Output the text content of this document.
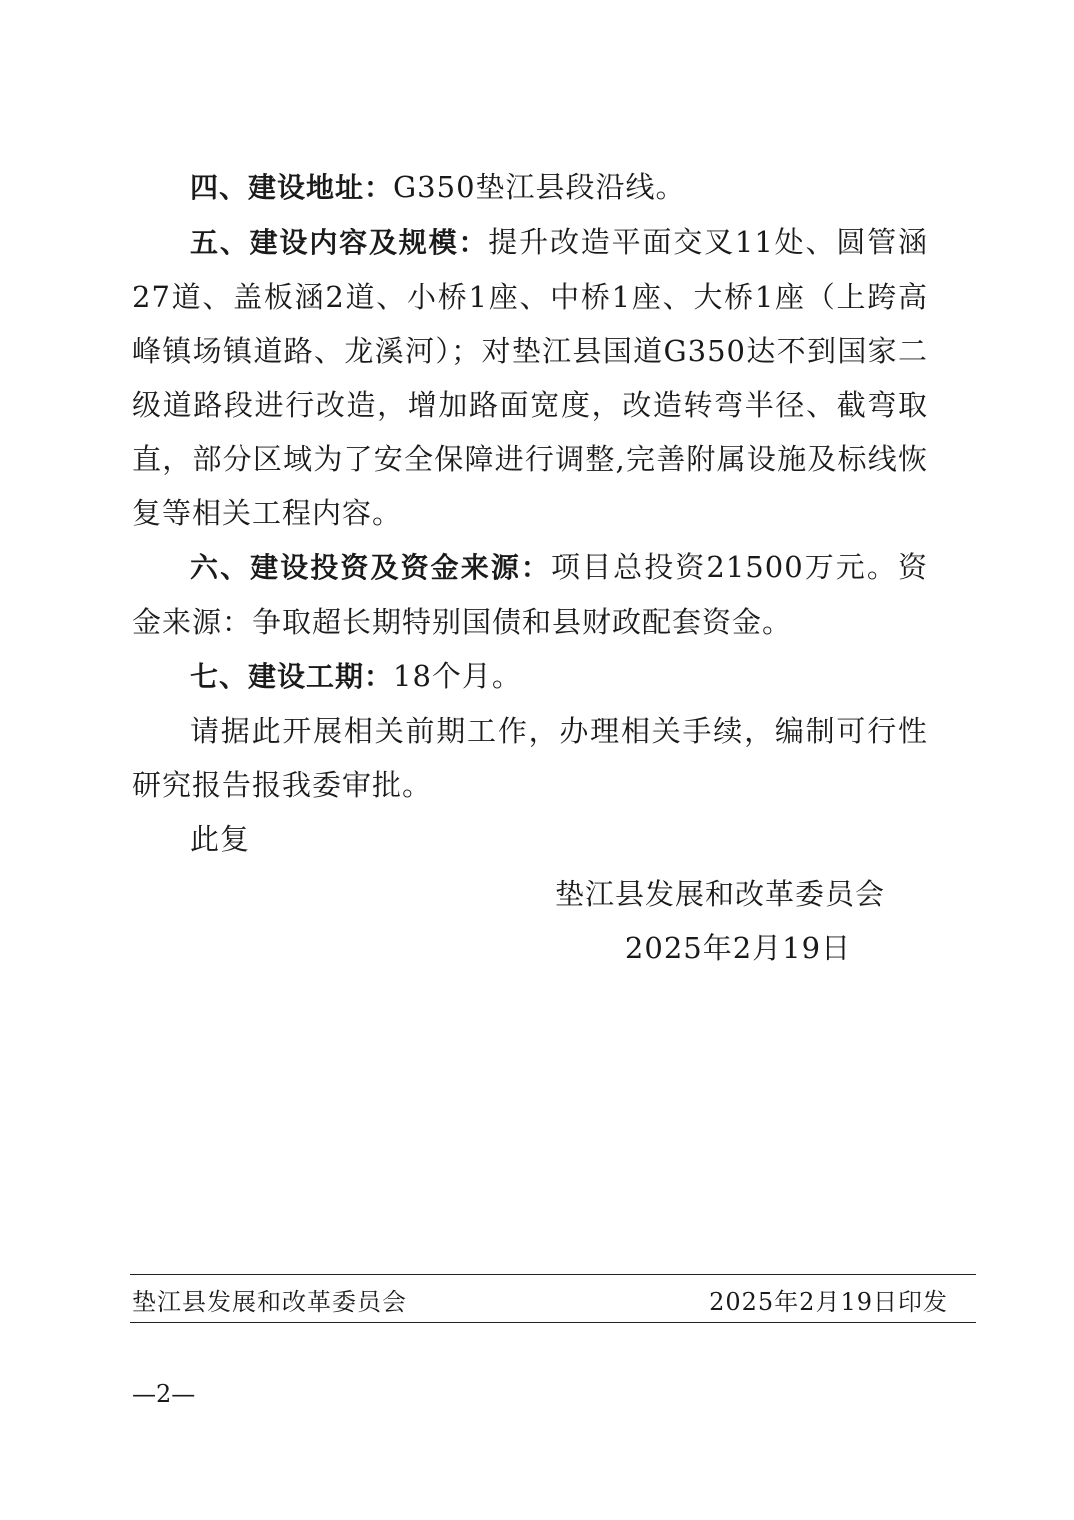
四、建设地址：G350垫江县段沿线。

五、建设内容及规模：提升改造平面交叉11处、圆管涵27道、盖板涵2道、小桥1座、中桥1座、大桥1座（上跨高峰镇场镇道路、龙溪河）；对垫江县国道G350达不到国家二级道路段进行改造，增加路面宽度，改造转弯半径、截弯取直，部分区域为了安全保障进行调整,完善附属设施及标线恢复等相关工程内容。

六、建设投资及资金来源：项目总投资21500万元。资金来源：争取超长期特别国债和县财政配套资金。

七、建设工期：18个月。

请据此开展相关前期工作，办理相关手续，编制可行性研究报告报我委审批。

此复

垫江县发展和改革委员会
2025年2月19日
垫江县发展和改革委员会	2025年2月19日印发
—2—
